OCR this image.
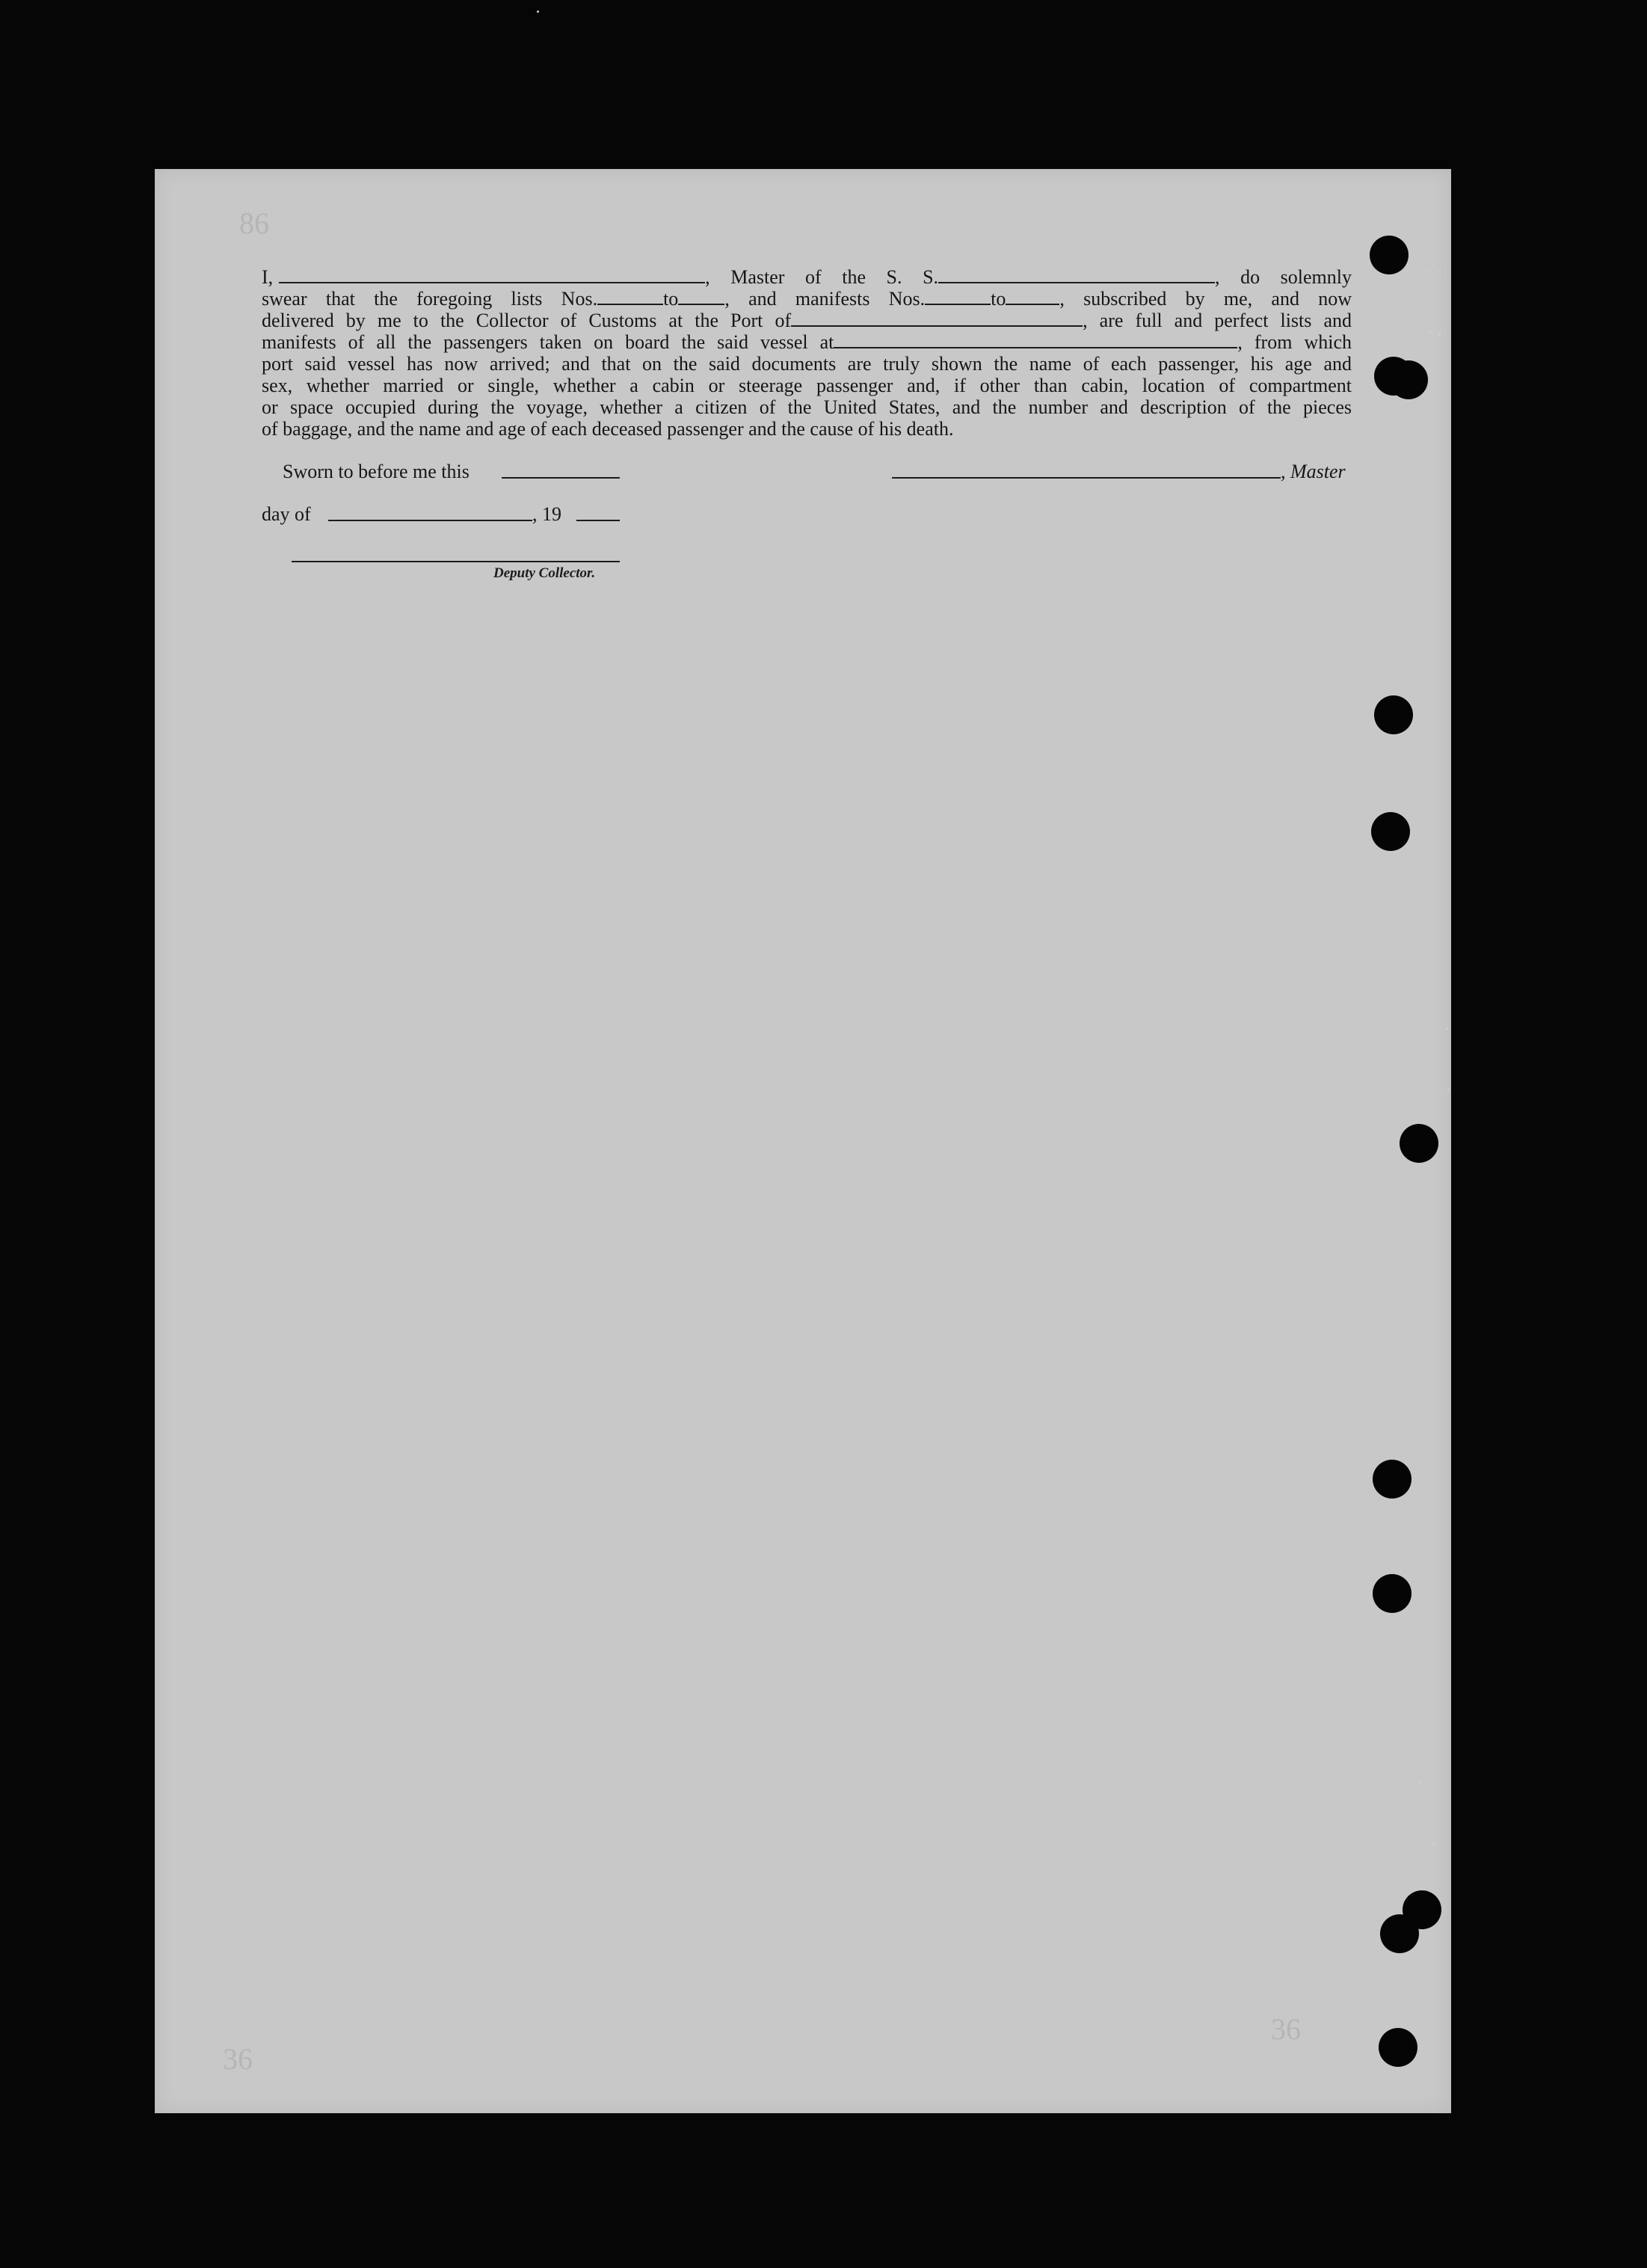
86
36
36
I,	, Master of the S. S.	, do solemnly
swear that the foregoing lists Nos.	to , and manifests Nos.	to	, subscribed by me, and now
delivered by me to the Collector of Customs at the Port of	, are full and perfect lists and
manifests of all the passengers taken on board the said vessel at	, from which
port said vessel has now arrived; and that on the said documents are truly shown the name of each passenger, his age and
sex, whether married or single, whether a cabin or steerage passenger and, if other than cabin, location of compartment
or space occupied during the voyage, whether a citizen of the United States, and the number and description of the pieces
of baggage, and the name and age of each deceased passenger and the cause of his death.
Sworn to before me this	, Master
day of	, 19
Deputy Collector.
